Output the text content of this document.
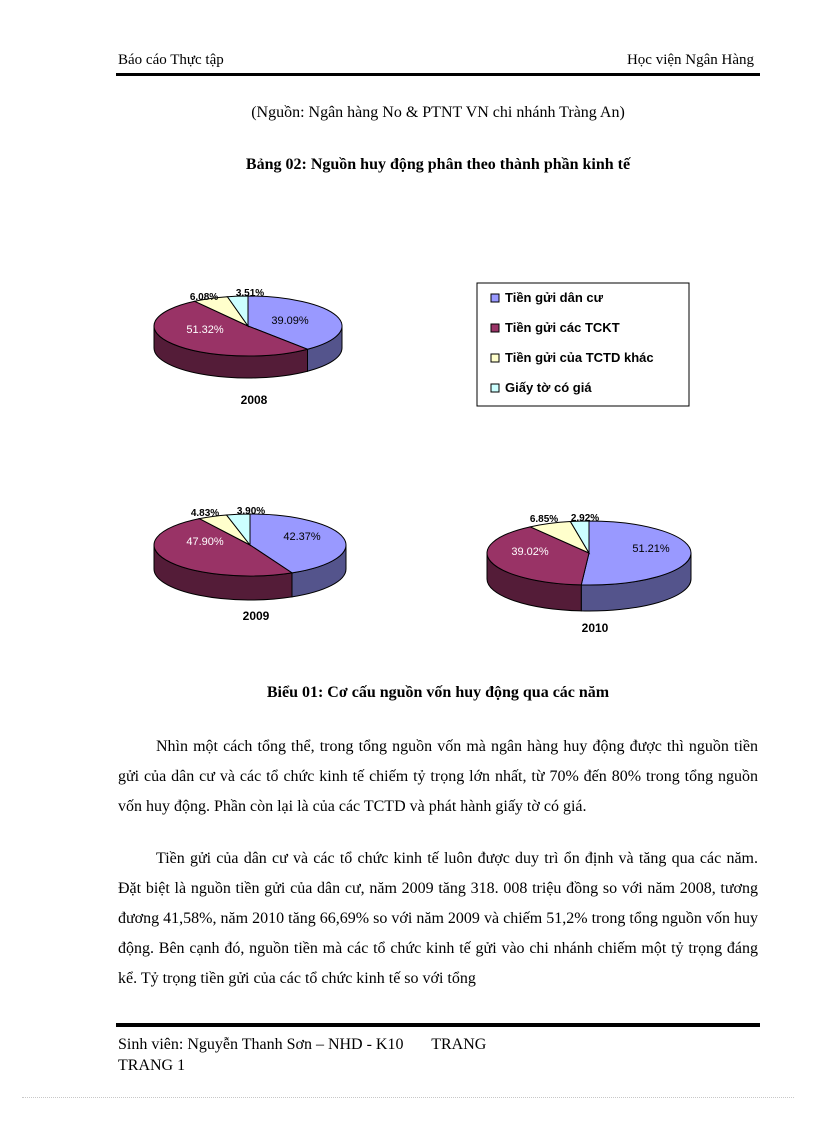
Báo cáo Thực tập	Học viện Ngân Hàng
(Nguồn: Ngân hàng No & PTNT VN chi nhánh Tràng An)
Bảng 02: Nguồn huy động phân theo thành phần kinh tế
39.09%
51.32%
6.08% 3.51%
2008
42.37%
47.90%
4.83% 3.90%
2009
51.21%
39.02%
6.85% 2.92%
2010
Tiền gửi dân cư
Tiền gửi các TCKT
Tiền gửi của TCTD khác
Giấy tờ có giá
Biểu 01: Cơ cấu nguồn vốn huy động qua các năm

Nhìn một cách tổng thể, trong tổng nguồn vốn mà ngân hàng huy động được thì nguồn tiền gửi của dân cư và các tổ chức kinh tế chiếm tỷ trọng lớn nhất, từ 70% đến 80% trong tổng nguồn vốn huy động. Phần còn lại là của các TCTD và phát hành giấy tờ có giá.

Tiền gửi của dân cư và các tổ chức kinh tế luôn được duy trì ổn định và tăng qua các năm. Đặt biệt là nguồn tiền gửi của dân cư, năm 2009 tăng 318. 008 triệu đồng so với năm 2008, tương đương 41,58%, năm 2010 tăng 66,69% so với năm 2009 và chiếm 51,2% trong tổng nguồn vốn huy động. Bên cạnh đó, nguồn tiền mà các tổ chức kinh tế gửi vào chi nhánh chiếm một tỷ trọng đáng kể. Tỷ trọng tiền gửi của các tổ chức kinh tế so với tổng

Sinh viên: Nguyễn Thanh Sơn – NHD - K10       TRANG
TRANG 1
